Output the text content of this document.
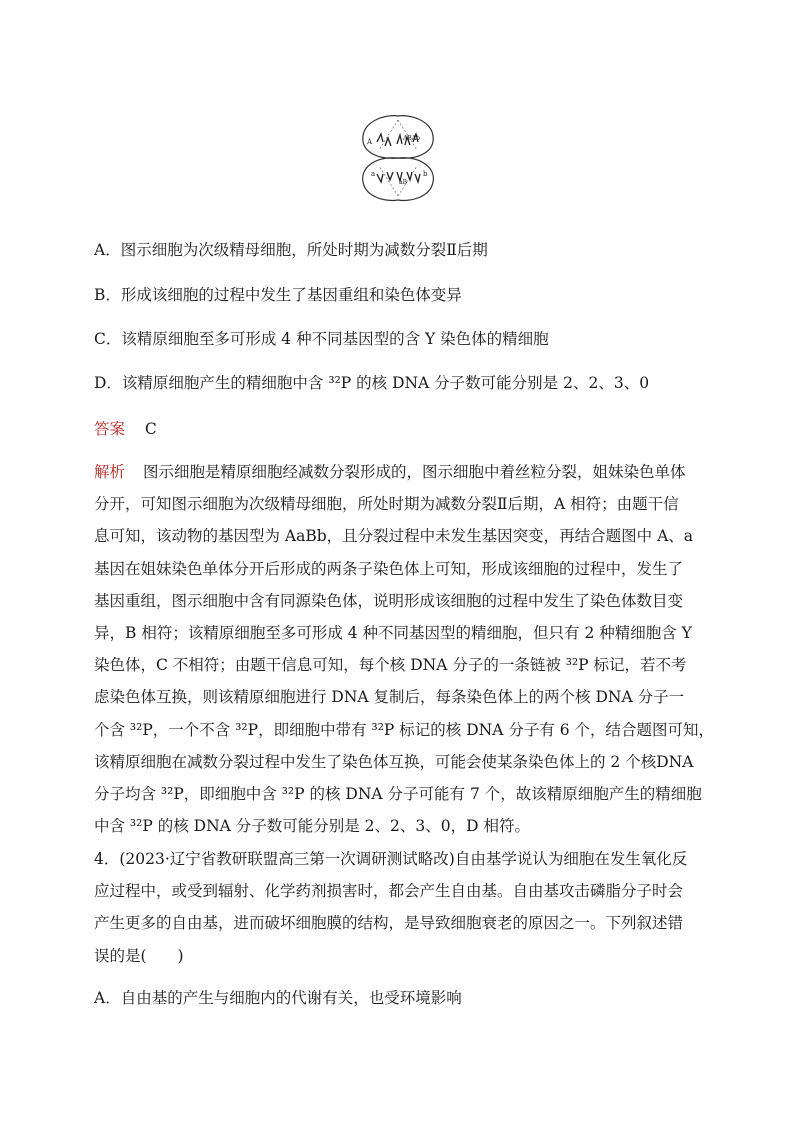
A	ABAb
a
aB
b
A．图示细胞为次级精母细胞，所处时期为减数分裂Ⅱ后期
B．形成该细胞的过程中发生了基因重组和染色体变异
C．该精原细胞至多可形成 4 种不同基因型的含 Y 染色体的精细胞
D．该精原细胞产生的精细胞中含 ³²P 的核 DNA 分子数可能分别是 2、2、3、0
答案 C
解析 图示细胞是精原细胞经减数分裂形成的，图示细胞中着丝粒分裂，姐妹染色单体
分开，可知图示细胞为次级精母细胞，所处时期为减数分裂Ⅱ后期，A 相符；由题干信
息可知，该动物的基因型为 AaBb，且分裂过程中未发生基因突变，再结合题图中 A、a
基因在姐妹染色单体分开后形成的两条子染色体上可知，形成该细胞的过程中，发生了
基因重组，图示细胞中含有同源染色体，说明形成该细胞的过程中发生了染色体数目变
异，B 相符；该精原细胞至多可形成 4 种不同基因型的精细胞，但只有 2 种精细胞含 Y
染色体，C 不相符；由题干信息可知，每个核 DNA 分子的一条链被 ³²P 标记，若不考
虑染色体互换，则该精原细胞进行 DNA 复制后，每条染色体上的两个核 DNA 分子一
个含 ³²P，一个不含 ³²P，即细胞中带有 ³²P 标记的核 DNA 分子有 6 个，结合题图可知，
该精原细胞在减数分裂过程中发生了染色体互换，可能会使某条染色体上的 2 个核DNA
分子均含 ³²P，即细胞中含 ³²P 的核 DNA 分子可能有 7 个，故该精原细胞产生的精细胞
中含 ³²P 的核 DNA 分子数可能分别是 2、2、3、0，D 相符。
4．(2023·辽宁省教研联盟高三第一次调研测试略改)自由基学说认为细胞在发生氧化反
应过程中，或受到辐射、化学药剂损害时，都会产生自由基。自由基攻击磷脂分子时会
产生更多的自由基，进而破坏细胞膜的结构，是导致细胞衰老的原因之一。下列叙述错
误的是(　　)
A．自由基的产生与细胞内的代谢有关，也受环境影响
